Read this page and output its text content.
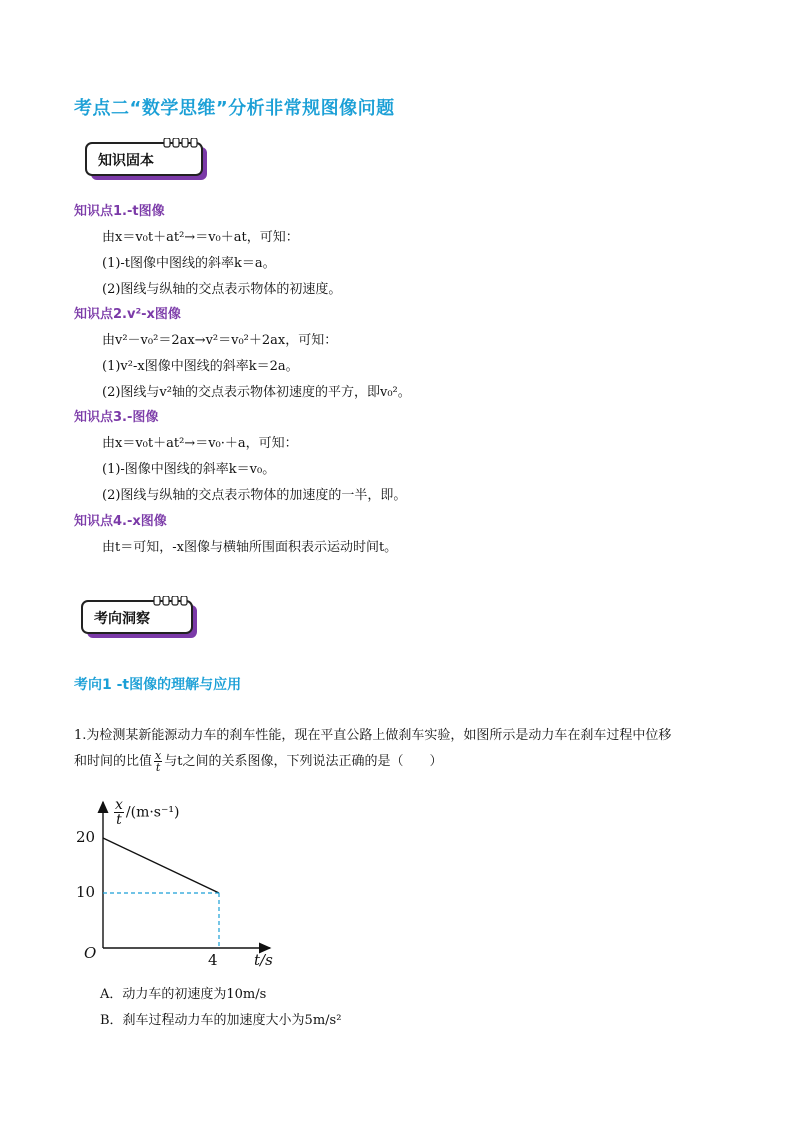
考点二“数学思维”分析非常规图像问题
知识固本
知识点1.-t图像
由x＝v₀t＋at²→＝v₀＋at，可知：
(1)-t图像中图线的斜率k＝a。
(2)图线与纵轴的交点表示物体的初速度。
知识点2.v²-x图像
由v²－v₀²＝2ax→v²＝v₀²＋2ax，可知：
(1)v²-x图像中图线的斜率k＝2a。
(2)图线与v²轴的交点表示物体初速度的平方，即v₀²。
知识点3.-图像
由x＝v₀t＋at²→＝v₀·＋a，可知：
(1)-图像中图线的斜率k＝v₀。
(2)图线与纵轴的交点表示物体的加速度的一半，即。
知识点4.-x图像
由t＝可知，-x图像与横轴所围面积表示运动时间t。
考向洞察
考向1 -t图像的理解与应用
1.为检测某新能源动力车的刹车性能，现在平直公路上做刹车实验，如图所示是动力车在刹车过程中位移
和时间的比值 $\frac{x}{t}$ 与t之间的关系图像，下列说法正确的是（　　）
$\frac{x}{t} /(m\cdot s^{-1})$
20
10
O	4 t/s
A．动力车的初速度为10m/s
B．刹车过程动力车的加速度大小为5m/s²
